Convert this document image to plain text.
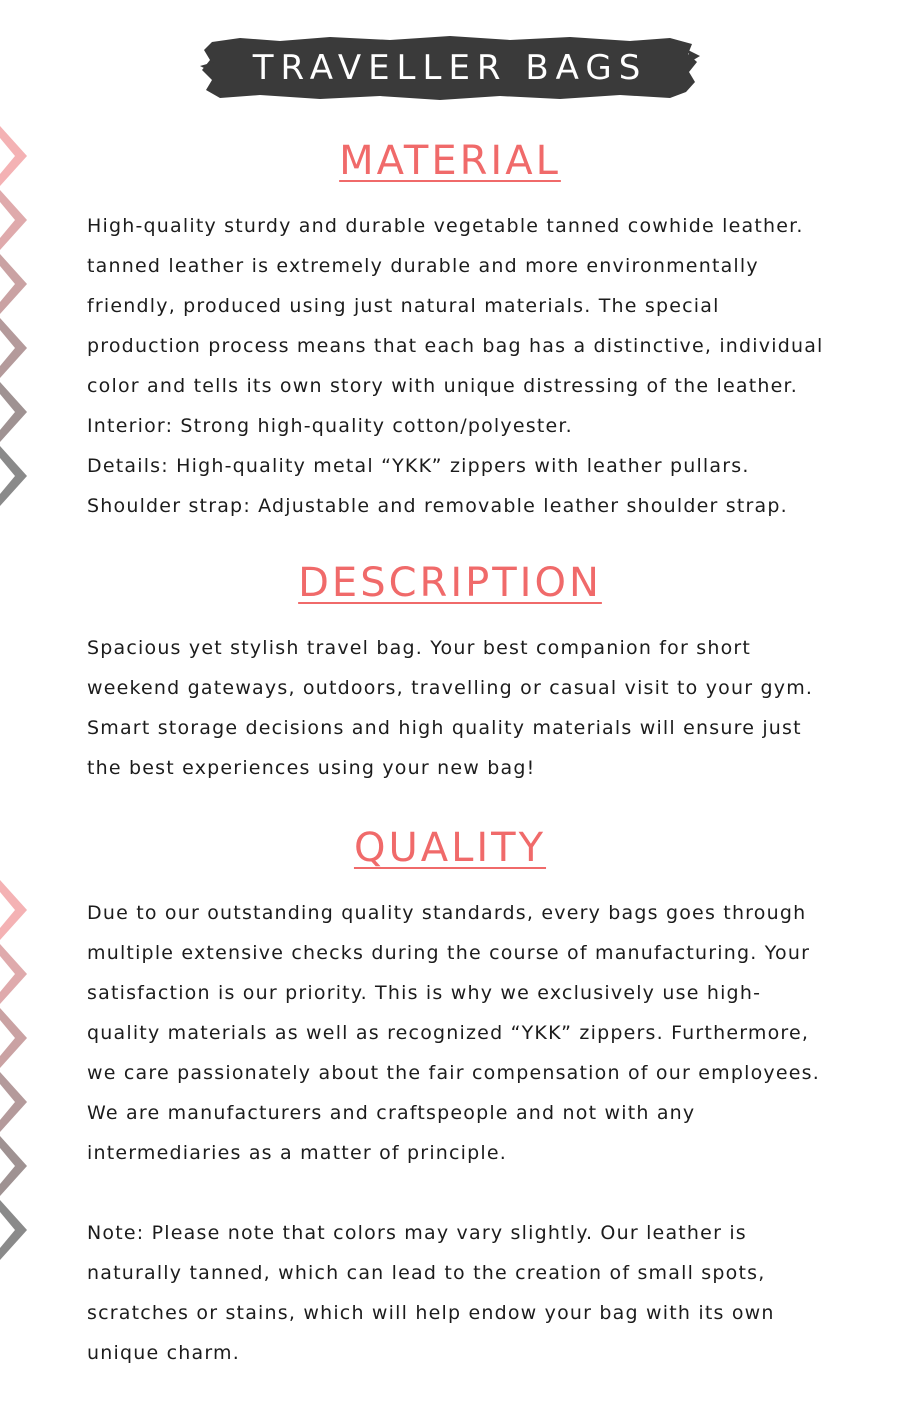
TRAVELLER BAGS
MATERIAL
High-quality sturdy and durable vegetable tanned cowhide leather.
tanned leather is extremely durable and more environmentally
friendly, produced using just natural materials. The special
production process means that each bag has a distinctive, individual
color and tells its own story with unique distressing of the leather.
Interior: Strong high-quality cotton/polyester.
Details: High-quality metal “YKK” zippers with leather pullars.
Shoulder strap: Adjustable and removable leather shoulder strap.
DESCRIPTION
Spacious yet stylish travel bag. Your best companion for short
weekend gateways, outdoors, travelling or casual visit to your gym.
Smart storage decisions and high quality materials will ensure just
the best experiences using your new bag!
QUALITY
Due to our outstanding quality standards, every bags goes through
multiple extensive checks during the course of manufacturing. Your
satisfaction is our priority. This is why we exclusively use high-
quality materials as well as recognized “YKK” zippers. Furthermore,
we care passionately about the fair compensation of our employees.
We are manufacturers and craftspeople and not with any
intermediaries as a matter of principle.
Note: Please note that colors may vary slightly. Our leather is
naturally tanned, which can lead to the creation of small spots,
scratches or stains, which will help endow your bag with its own
unique charm.
